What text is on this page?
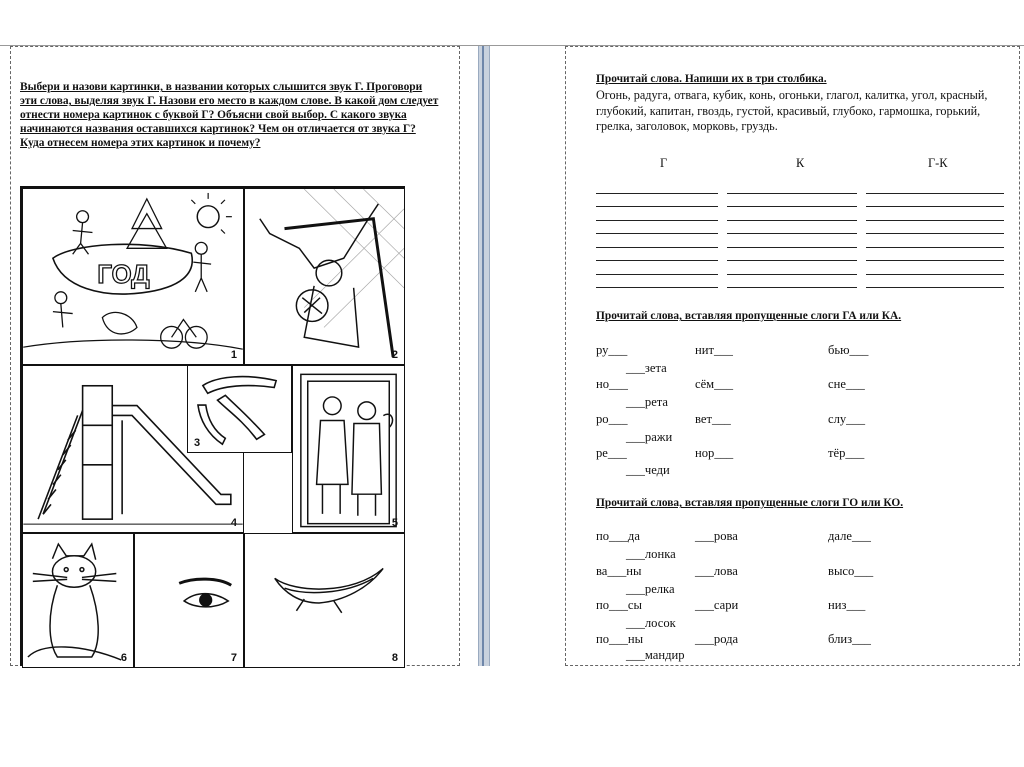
Выбери и назови картинки, в названии которых слышится звук Г. Проговори эти слова, выделяя звук Г. Назови его место в каждом слове. В какой дом следует отнести номера картинок с буквой Г? Объясни свой выбор. С какого звука начинаются названия оставшихся картинок? Чем он отличается от звука Г? Куда отнесем номера этих картинок и почему?
ГОД
1	2
4
3
5
6	7	8
Прочитай слова. Напиши их в три столбика.
Огонь, радуга, отвага, кубик, конь, огоньки, глагол, калитка, угол, красный, глубокий, капитан, гвоздь, густой, красивый, глубоко, гармошка, горький, грелка, заголовок, морковь, груздь.
Г	К	Г-К
Прочитай слова, вставляя пропущенные слоги ГА или КА.
ру___	нит___	бью___
___зета
но___	сём___	сне___
___рета
ро___	вет___	слу___
___ражи
ре___	нор___	тёр___
___чеди
Прочитай слова, вставляя пропущенные слоги ГО или КО.
по___да	___рова	дале___
___лонка
ва___ны	___лова	высо___
___релка
по___сы	___сари	низ___
___лосок
по___ны	___рода	близ___
___мандир
